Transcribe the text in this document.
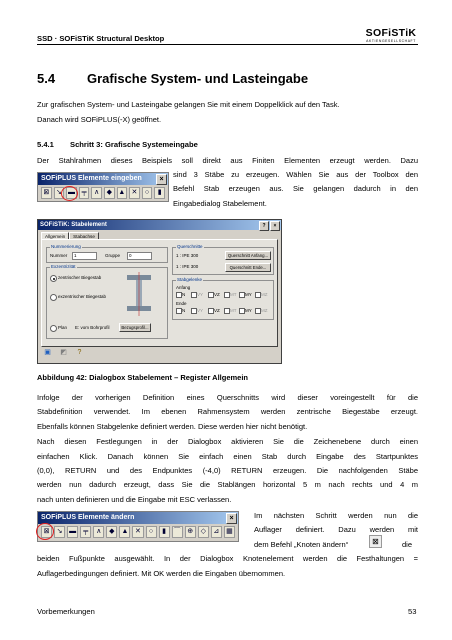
SSD · SOFiSTiK Structural Desktop	SOFiSTiK
AKTIENGESELLSCHAFT
5.4 Grafische System- und Lasteingabe
Zur grafischen System- und Lasteingabe gelangen Sie mit einem Doppelklick auf den Task.
Danach wird SOFiPLUS(-X) geöffnet.
5.4.1 Schritt 3: Grafische Systemeingabe
Der Stahlrahmen dieses Beispiels soll direkt aus Finiten Elementen erzeugt werden. Dazu
sind 3 Stäbe zu erzeugen. Wählen Sie aus der Toolbox den
Befehl Stab erzeugen aus. Sie gelangen dadurch in den
Eingabedialog Stabelement.
SOFiPLUS Elemente eingeben	×
⊠ ↘ ▬ ╤	∧	◆ ▲ ✕	○	▮
SOFiSTiK: Stabelement	?	×
Allgemein	Stabachse
Nummerierung
Nummer	1	Gruppe	0
Exzentrizität
zentrischer Biegestab
exzentrischer Biegestab
Plan E: vom Bohrprofil	Bezugsprofil...
Querschnitte
1 : IPE 300	Querschnitt Anfang...
1 : IPE 300	Querschnitt Ende...
Stabgelenke
Anfang
N	VY VZ MT MY MZ
Ende
N	VY VZ MT MY MZ
▣ ◩	?
Abbildung 42: Dialogbox Stabelement – Register Allgemein
Infolge der vorherigen Definition eines Querschnitts wird dieser voreingestellt für die
Stabdefinition verwendet. Im ebenen Rahmensystem werden zentrische Biegestäbe erzeugt.
Ebenfalls können Stabgelenke definiert werden. Diese werden hier nicht benötigt.
Nach diesen Festlegungen in der Dialogbox aktivieren Sie die Zeichenebene durch einen
einfachen Klick. Danach können Sie einfach einen Stab durch Eingabe des Startpunktes
(0,0), RETURN und des Endpunktes (-4,0) RETURN erzeugen. Die nachfolgenden Stäbe
werden nun dadurch erzeugt, dass Sie die Stablängen horizontal 5 m nach rechts und 4 m
nach unten definieren und die Eingabe mit ESC verlassen.
SOFiPLUS Elemente ändern	×
⊠	↘ ▬	╤	∧	◆ ▲ ✕	○	▮	⌒ ⊕	◇	⊿ ▦
Im nächsten Schritt werden nun die
Auflager definiert. Dazu werden mit
dem Befehl „Knoten ändern“	⊠	die
beiden Fußpunkte ausgewählt. In der Dialogbox Knotenelement werden die Festhaltungen =
Auflagerbedingungen definiert. Mit OK werden die Eingaben übernommen.
Vorbemerkungen	53
